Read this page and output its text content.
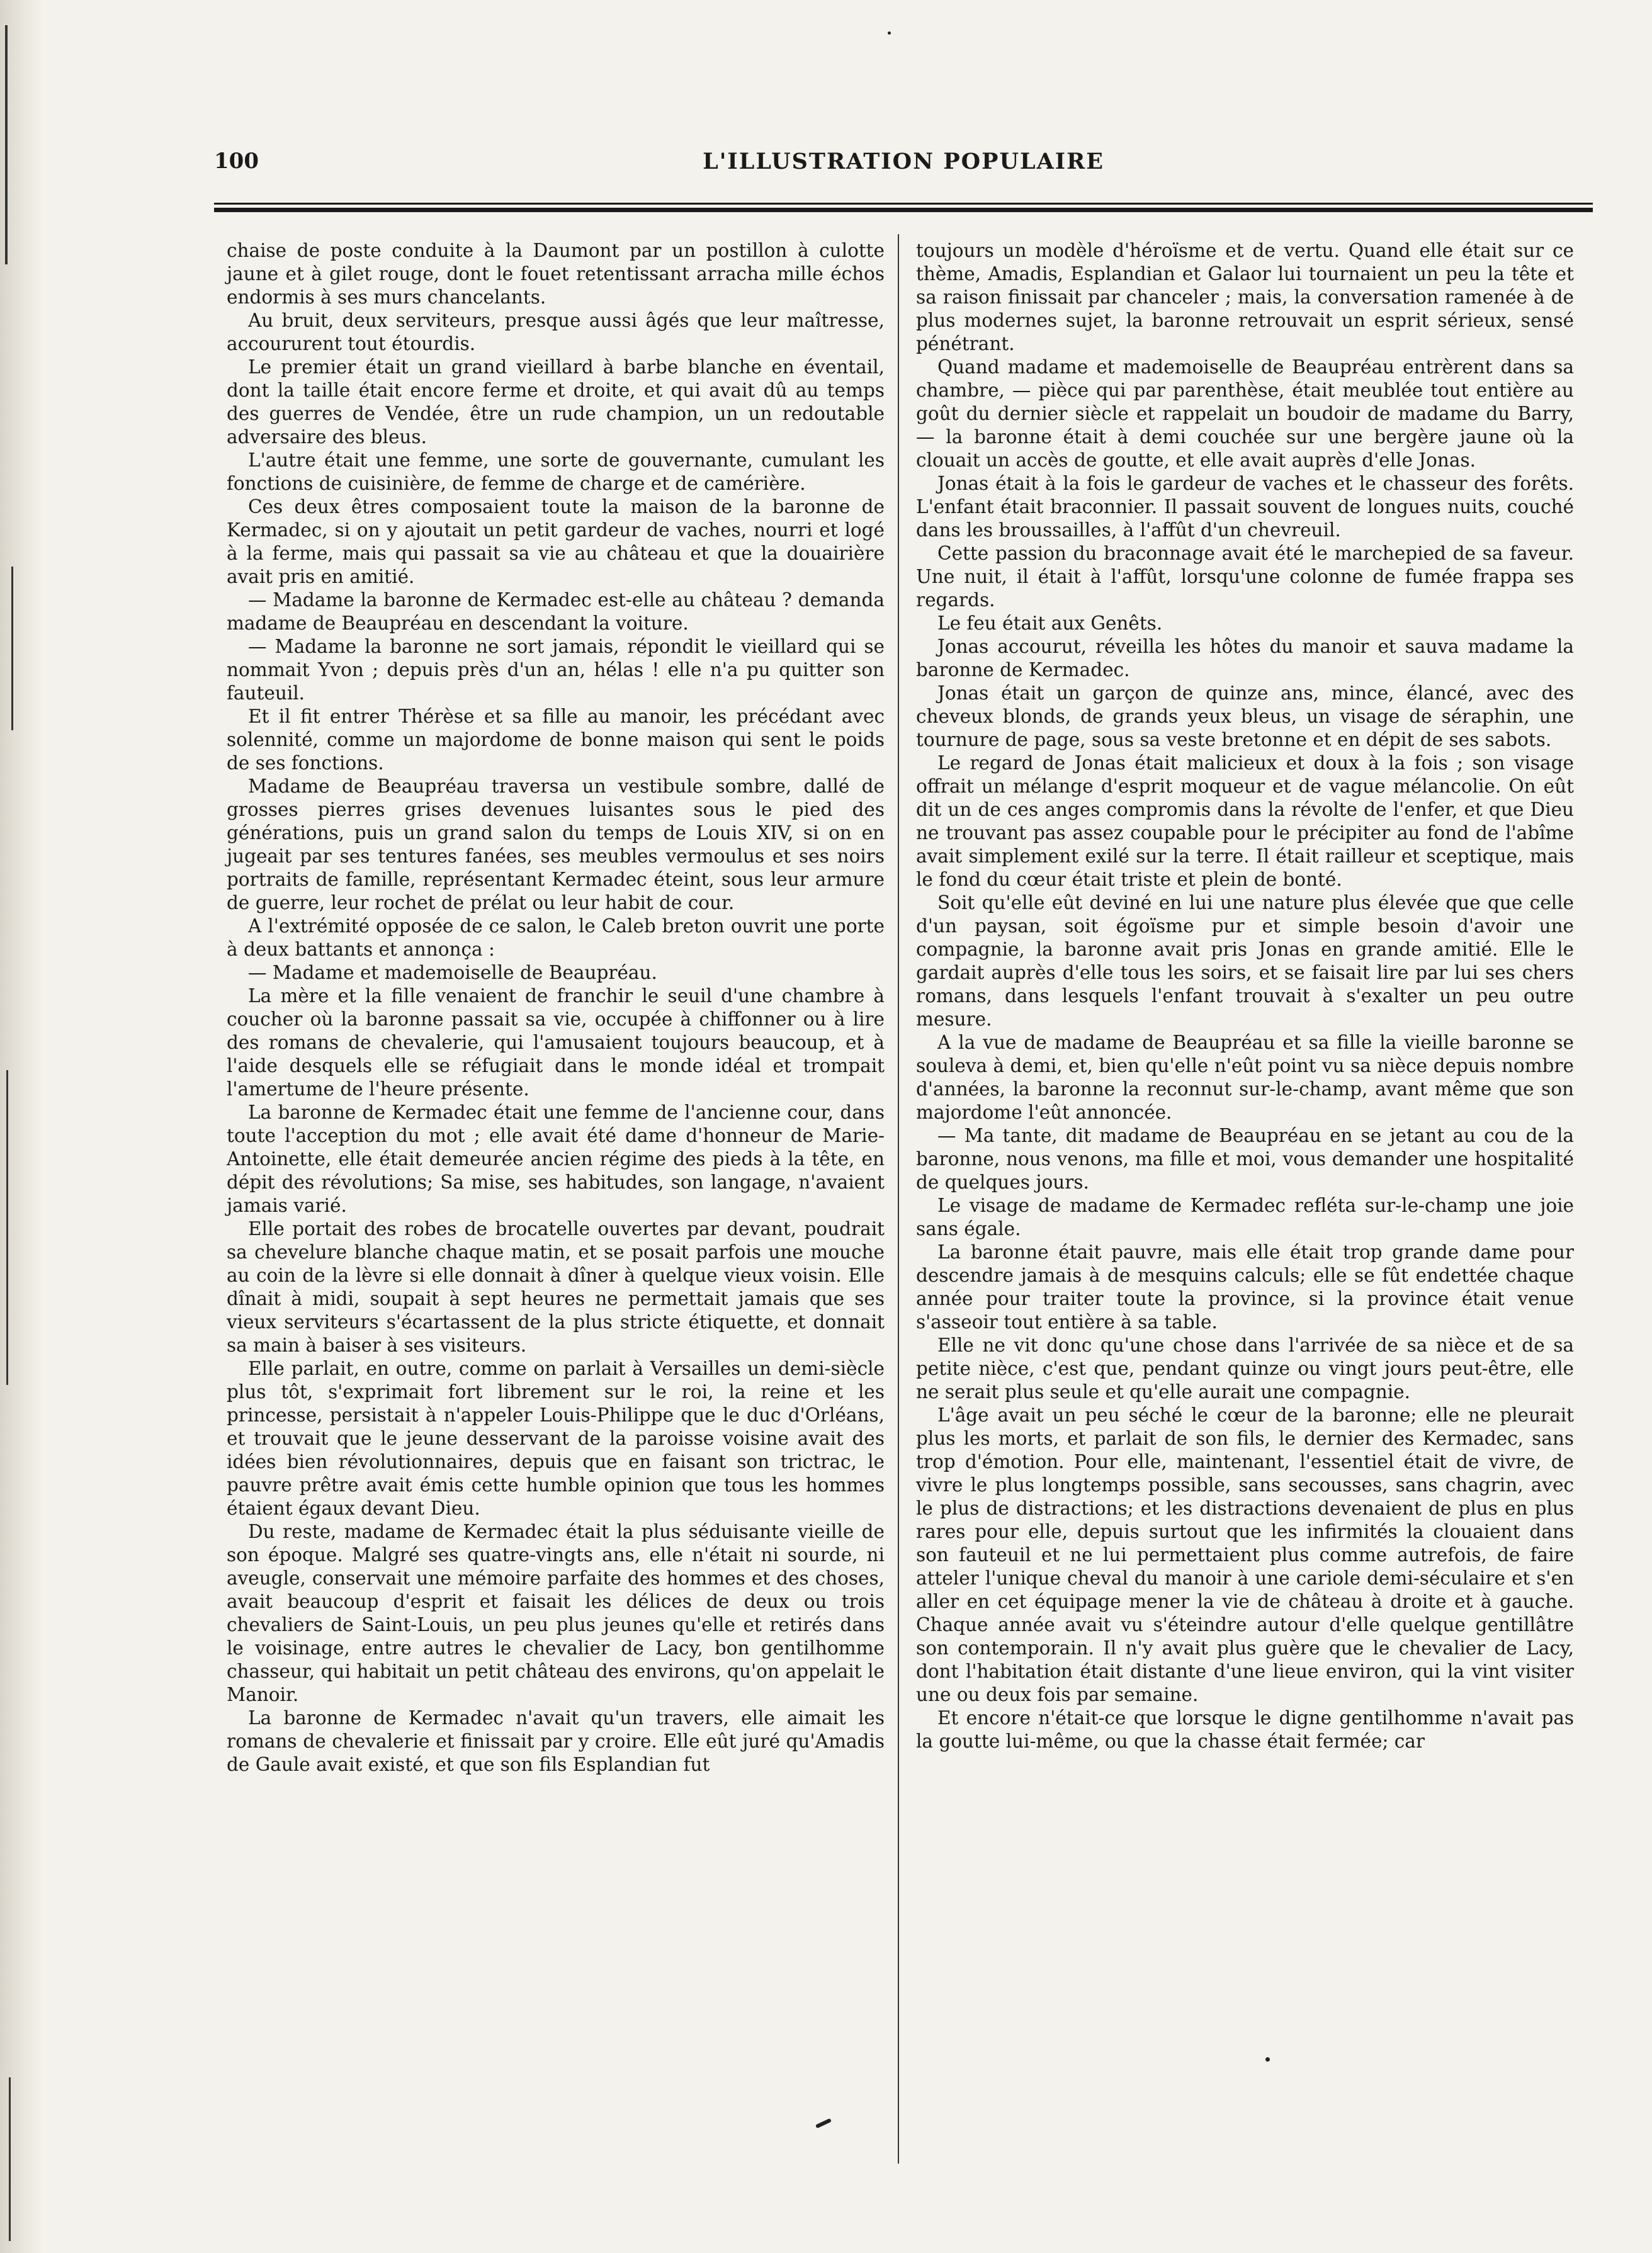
100	L'ILLUSTRATION POPULAIRE

chaise de poste conduite à la Daumont par un postillon à culotte jaune et à gilet rouge, dont le fouet retentissant arracha mille échos endormis à ses murs chancelants.

Au bruit, deux serviteurs, presque aussi âgés que leur maîtresse, accoururent tout étourdis.

Le premier était un grand vieillard à barbe blanche en éventail, dont la taille était encore ferme et droite, et qui avait dû au temps des guerres de Vendée, être un rude champion, un un redoutable adversaire des bleus.

L'autre était une femme, une sorte de gouvernante, cumulant les fonctions de cuisinière, de femme de charge et de camérière.

Ces deux êtres composaient toute la maison de la baronne de Kermadec, si on y ajoutait un petit gardeur de vaches, nourri et logé à la ferme, mais qui passait sa vie au château et que la douairière avait pris en amitié.

— Madame la baronne de Kermadec est-elle au château ? demanda madame de Beaupréau en descendant la voiture.

— Madame la baronne ne sort jamais, répondit le vieillard qui se nommait Yvon ; depuis près d'un an, hélas ! elle n'a pu quitter son fauteuil.

Et il fit entrer Thérèse et sa fille au manoir, les précédant avec solennité, comme un majordome de bonne maison qui sent le poids de ses fonctions.

Madame de Beaupréau traversa un vestibule sombre, dallé de grosses pierres grises devenues luisantes sous le pied des générations, puis un grand salon du temps de Louis XIV, si on en jugeait par ses tentures fanées, ses meubles vermoulus et ses noirs portraits de famille, représentant Kermadec éteint, sous leur armure de guerre, leur rochet de prélat ou leur habit de cour.

A l'extrémité opposée de ce salon, le Caleb breton ouvrit une porte à deux battants et annonça :

— Madame et mademoiselle de Beaupréau.

La mère et la fille venaient de franchir le seuil d'une chambre à coucher où la baronne passait sa vie, occupée à chiffonner ou à lire des romans de chevalerie, qui l'amusaient toujours beaucoup, et à l'aide desquels elle se réfugiait dans le monde idéal et trompait l'amertume de l'heure présente.

La baronne de Kermadec était une femme de l'ancienne cour, dans toute l'acception du mot ; elle avait été dame d'honneur de Marie-Antoinette, elle était demeurée ancien régime des pieds à la tête, en dépit des révolutions; Sa mise, ses habitudes, son langage, n'avaient jamais varié.

Elle portait des robes de brocatelle ouvertes par devant, poudrait sa chevelure blanche chaque matin, et se posait parfois une mouche au coin de la lèvre si elle donnait à dîner à quelque vieux voisin. Elle dînait à midi, soupait à sept heures ne permettait jamais que ses vieux serviteurs s'écartassent de la plus stricte étiquette, et donnait sa main à baiser à ses visiteurs.

Elle parlait, en outre, comme on parlait à Versailles un demi-siècle plus tôt, s'exprimait fort librement sur le roi, la reine et les princesse, persistait à n'appeler Louis-Philippe que le duc d'Orléans, et trouvait que le jeune desservant de la paroisse voisine avait des idées bien révolutionnaires, depuis que en faisant son trictrac, le pauvre prêtre avait émis cette humble opinion que tous les hommes étaient égaux devant Dieu.

Du reste, madame de Kermadec était la plus séduisante vieille de son époque. Malgré ses quatre-vingts ans, elle n'était ni sourde, ni aveugle, conservait une mémoire parfaite des hommes et des choses, avait beaucoup d'esprit et faisait les délices de deux ou trois chevaliers de Saint-Louis, un peu plus jeunes qu'elle et retirés dans le voisinage, entre autres le chevalier de Lacy, bon gentilhomme chasseur, qui habitait un petit château des environs, qu'on appelait le Manoir.

La baronne de Kermadec n'avait qu'un travers, elle aimait les romans de chevalerie et finissait par y croire. Elle eût juré qu'Amadis de Gaule avait existé, et que son fils Esplandian fut

toujours un modèle d'héroïsme et de vertu. Quand elle était sur ce thème, Amadis, Esplandian et Galaor lui tournaient un peu la tête et sa raison finissait par chanceler ; mais, la conversation ramenée à de plus modernes sujet, la baronne retrouvait un esprit sérieux, sensé pénétrant.

Quand madame et mademoiselle de Beaupréau entrèrent dans sa chambre, — pièce qui par parenthèse, était meublée tout entière au goût du dernier siècle et rappelait un boudoir de madame du Barry, — la baronne était à demi couchée sur une bergère jaune où la clouait un accès de goutte, et elle avait auprès d'elle Jonas.

Jonas était à la fois le gardeur de vaches et le chasseur des forêts. L'enfant était braconnier. Il passait souvent de longues nuits, couché dans les broussailles, à l'affût d'un chevreuil.

Cette passion du braconnage avait été le marchepied de sa faveur. Une nuit, il était à l'affût, lorsqu'une colonne de fumée frappa ses regards.

Le feu était aux Genêts.

Jonas accourut, réveilla les hôtes du manoir et sauva madame la baronne de Kermadec.

Jonas était un garçon de quinze ans, mince, élancé, avec des cheveux blonds, de grands yeux bleus, un visage de séraphin, une tournure de page, sous sa veste bretonne et en dépit de ses sabots.

Le regard de Jonas était malicieux et doux à la fois ; son visage offrait un mélange d'esprit moqueur et de vague mélancolie. On eût dit un de ces anges compromis dans la révolte de l'enfer, et que Dieu ne trouvant pas assez coupable pour le précipiter au fond de l'abîme avait simplement exilé sur la terre. Il était railleur et sceptique, mais le fond du cœur était triste et plein de bonté.

Soit qu'elle eût deviné en lui une nature plus élevée que que celle d'un paysan, soit égoïsme pur et simple besoin d'avoir une compagnie, la baronne avait pris Jonas en grande amitié. Elle le gardait auprès d'elle tous les soirs, et se faisait lire par lui ses chers romans, dans lesquels l'enfant trouvait à s'exalter un peu outre mesure.

A la vue de madame de Beaupréau et sa fille la vieille baronne se souleva à demi, et, bien qu'elle n'eût point vu sa nièce depuis nombre d'années, la baronne la reconnut sur-le-champ, avant même que son majordome l'eût annoncée.

— Ma tante, dit madame de Beaupréau en se jetant au cou de la baronne, nous venons, ma fille et moi, vous demander une hospitalité de quelques jours.

Le visage de madame de Kermadec refléta sur-le-champ une joie sans égale.

La baronne était pauvre, mais elle était trop grande dame pour descendre jamais à de mesquins calculs; elle se fût endettée chaque année pour traiter toute la province, si la province était venue s'asseoir tout entière à sa table.

Elle ne vit donc qu'une chose dans l'arrivée de sa nièce et de sa petite nièce, c'est que, pendant quinze ou vingt jours peut-être, elle ne serait plus seule et qu'elle aurait une compagnie.

L'âge avait un peu séché le cœur de la baronne; elle ne pleurait plus les morts, et parlait de son fils, le dernier des Kermadec, sans trop d'émotion. Pour elle, maintenant, l'essentiel était de vivre, de vivre le plus longtemps possible, sans secousses, sans chagrin, avec le plus de distractions; et les distractions devenaient de plus en plus rares pour elle, depuis surtout que les infirmités la clouaient dans son fauteuil et ne lui permettaient plus comme autrefois, de faire atteler l'unique cheval du manoir à une cariole demi-séculaire et s'en aller en cet équipage mener la vie de château à droite et à gauche. Chaque année avait vu s'éteindre autour d'elle quelque gentillâtre son contemporain. Il n'y avait plus guère que le chevalier de Lacy, dont l'habitation était distante d'une lieue environ, qui la vint visiter une ou deux fois par semaine.

Et encore n'était-ce que lorsque le digne gentilhomme n'avait pas la goutte lui-même, ou que la chasse était fermée; car
